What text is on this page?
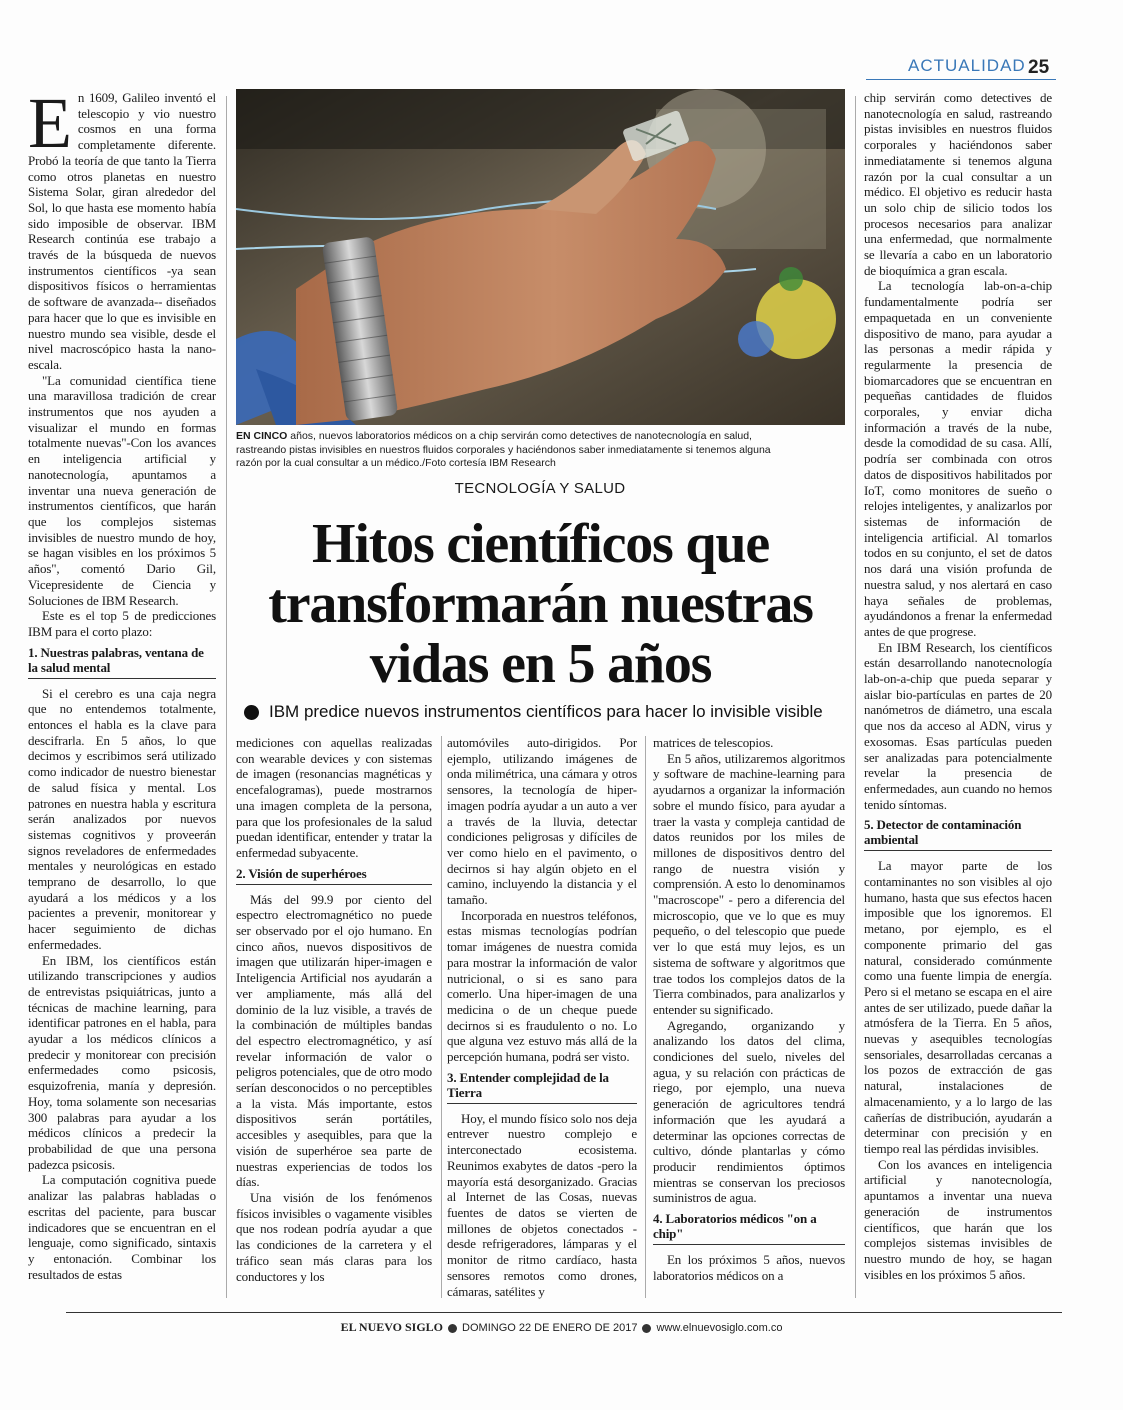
ACTUALIDAD 25
EN CINCO años, nuevos laboratorios médicos on a chip servirán como detectives de nanotecnología en salud, rastreando pistas invisibles en nuestros fluidos corporales y haciéndonos saber inmediatamente si tenemos alguna razón por la cual consultar a un médico./Foto cortesía IBM Research
TECNOLOGÍA Y SALUD
Hitos científicos que
transformarán nuestras
vidas en 5 años
IBM predice nuevos instrumentos científicos para hacer lo invisible visible

En 1609, Galileo inventó el telescopio y vio nuestro cosmos en una forma completamente diferente. Probó la teoría de que tanto la Tierra como otros planetas en nuestro Sistema Solar, giran alrededor del Sol, lo que hasta ese momento había sido imposible de observar. IBM Research continúa ese trabajo a través de la búsqueda de nuevos instrumentos científicos -ya sean dispositivos físicos o herramientas de software de avanzada-- diseñados para hacer que lo que es invisible en nuestro mundo sea visible, desde el nivel macroscópico hasta la nano-escala.

"La comunidad científica tiene una maravillosa tradición de crear instrumentos que nos ayuden a visualizar el mundo en formas totalmente nuevas"-Con los avances en inteligencia artificial y nanotecnología, apuntamos a inventar una nueva generación de instrumentos científicos, que harán que los complejos sistemas invisibles de nuestro mundo de hoy, se hagan visibles en los próximos 5 años", comentó Dario Gil, Vicepresidente de Ciencia y Soluciones de IBM Research.

Este es el top 5 de predicciones IBM para el corto plazo:

1. Nuestras palabras, ventana de la salud mental

Si el cerebro es una caja negra que no entendemos totalmente, entonces el habla es la clave para descifrarla. En 5 años, lo que decimos y escribimos será utilizado como indicador de nuestro bienestar de salud física y mental. Los patrones en nuestra habla y escritura serán analizados por nuevos sistemas cognitivos y proveerán signos reveladores de enfermedades mentales y neurológicas en estado temprano de desarrollo, lo que ayudará a los médicos y a los pacientes a prevenir, monitorear y hacer seguimiento de dichas enfermedades.

En IBM, los científicos están utilizando transcripciones y audios de entrevistas psiquiátricas, junto a técnicas de machine learning, para identificar patrones en el habla, para ayudar a los médicos clínicos a predecir y monitorear con precisión enfermedades como psicosis, esquizofrenia, manía y depresión. Hoy, toma solamente son necesarias 300 palabras para ayudar a los médicos clínicos a predecir la probabilidad de que una persona padezca psicosis.

La computación cognitiva puede analizar las palabras habladas o escritas del paciente, para buscar indicadores que se encuentran en el lenguaje, como significado, sintaxis y entonación. Combinar los resultados de estas

mediciones con aquellas realizadas con wearable devices y con sistemas de imagen (resonancias magnéticas y encefalogramas), puede mostrarnos una imagen completa de la persona, para que los profesionales de la salud puedan identificar, entender y tratar la enfermedad subyacente.

2. Visión de superhéroes

Más del 99.9 por ciento del espectro electromagnético no puede ser observado por el ojo humano. En cinco años, nuevos dispositivos de imagen que utilizarán hiper-imagen e Inteligencia Artificial nos ayudarán a ver ampliamente, más allá del dominio de la luz visible, a través de la combinación de múltiples bandas del espectro electromagnético, y así revelar información de valor o peligros potenciales, que de otro modo serían desconocidos o no perceptibles a la vista. Más importante, estos dispositivos serán portátiles, accesibles y asequibles, para que la visión de superhéroe sea parte de nuestras experiencias de todos los días.

Una visión de los fenómenos físicos invisibles o vagamente visibles que nos rodean podría ayudar a que las condiciones de la carretera y el tráfico sean más claras para los conductores y los

automóviles auto-dirigidos. Por ejemplo, utilizando imágenes de onda milimétrica, una cámara y otros sensores, la tecnología de hiper-imagen podría ayudar a un auto a ver a través de la lluvia, detectar condiciones peligrosas y difíciles de ver como hielo en el pavimento, o decirnos si hay algún objeto en el camino, incluyendo la distancia y el tamaño.

Incorporada en nuestros teléfonos, estas mismas tecnologías podrían tomar imágenes de nuestra comida para mostrar la información de valor nutricional, o si es sano para comerlo. Una hiper-imagen de una medicina o de un cheque puede decirnos si es fraudulento o no. Lo que alguna vez estuvo más allá de la percepción humana, podrá ser visto.

3. Entender complejidad de la Tierra

Hoy, el mundo físico solo nos deja entrever nuestro complejo e interconectado ecosistema. Reunimos exabytes de datos -pero la mayoría está desorganizado. Gracias al Internet de las Cosas, nuevas fuentes de datos se vierten de millones de objetos conectados - desde refrigeradores, lámparas y el monitor de ritmo cardíaco, hasta sensores remotos como drones, cámaras, satélites y

matrices de telescopios.

En 5 años, utilizaremos algoritmos y software de machine-learning para ayudarnos a organizar la información sobre el mundo físico, para ayudar a traer la vasta y compleja cantidad de datos reunidos por los miles de millones de dispositivos dentro del rango de nuestra visión y comprensión. A esto lo denominamos "macroscope" - pero a diferencia del microscopio, que ve lo que es muy pequeño, o del telescopio que puede ver lo que está muy lejos, es un sistema de software y algoritmos que trae todos los complejos datos de la Tierra combinados, para analizarlos y entender su significado.

Agregando, organizando y analizando los datos del clima, condiciones del suelo, niveles del agua, y su relación con prácticas de riego, por ejemplo, una nueva generación de agricultores tendrá información que les ayudará a determinar las opciones correctas de cultivo, dónde plantarlas y cómo producir rendimientos óptimos mientras se conservan los preciosos suministros de agua.

4. Laboratorios médicos "on a chip"

En los próximos 5 años, nuevos laboratorios médicos on a

chip servirán como detectives de nanotecnología en salud, rastreando pistas invisibles en nuestros fluidos corporales y haciéndonos saber inmediatamente si tenemos alguna razón por la cual consultar a un médico. El objetivo es reducir hasta un solo chip de silicio todos los procesos necesarios para analizar una enfermedad, que normalmente se llevaría a cabo en un laboratorio de bioquímica a gran escala.

La tecnología lab-on-a-chip fundamentalmente podría ser empaquetada en un conveniente dispositivo de mano, para ayudar a las personas a medir rápida y regularmente la presencia de biomarcadores que se encuentran en pequeñas cantidades de fluidos corporales, y enviar dicha información a través de la nube, desde la comodidad de su casa. Allí, podría ser combinada con otros datos de dispositivos habilitados por IoT, como monitores de sueño o relojes inteligentes, y analizarlos por sistemas de información de inteligencia artificial. Al tomarlos todos en su conjunto, el set de datos nos dará una visión profunda de nuestra salud, y nos alertará en caso haya señales de problemas, ayudándonos a frenar la enfermedad antes de que progrese.

En IBM Research, los científicos están desarrollando nanotecnología lab-on-a-chip que pueda separar y aislar bio-partículas en partes de 20 nanómetros de diámetro, una escala que nos da acceso al ADN, virus y exosomas. Esas partículas pueden ser analizadas para potencialmente revelar la presencia de enfermedades, aun cuando no hemos tenido síntomas.

5. Detector de contaminación ambiental

La mayor parte de los contaminantes no son visibles al ojo humano, hasta que sus efectos hacen imposible que los ignoremos. El metano, por ejemplo, es el componente primario del gas natural, considerado comúnmente como una fuente limpia de energía. Pero si el metano se escapa en el aire antes de ser utilizado, puede dañar la atmósfera de la Tierra. En 5 años, nuevas y asequibles tecnologías sensoriales, desarrolladas cercanas a los pozos de extracción de gas natural, instalaciones de almacenamiento, y a lo largo de las cañerías de distribución, ayudarán a determinar con precisión y en tiempo real las pérdidas invisibles.

Con los avances en inteligencia artificial y nanotecnología, apuntamos a inventar una nueva generación de instrumentos científicos, que harán que los complejos sistemas invisibles de nuestro mundo de hoy, se hagan visibles en los próximos 5 años.

EL NUEVO SIGLO DOMINGO 22 DE ENERO DE 2017 www.elnuevosiglo.com.co
